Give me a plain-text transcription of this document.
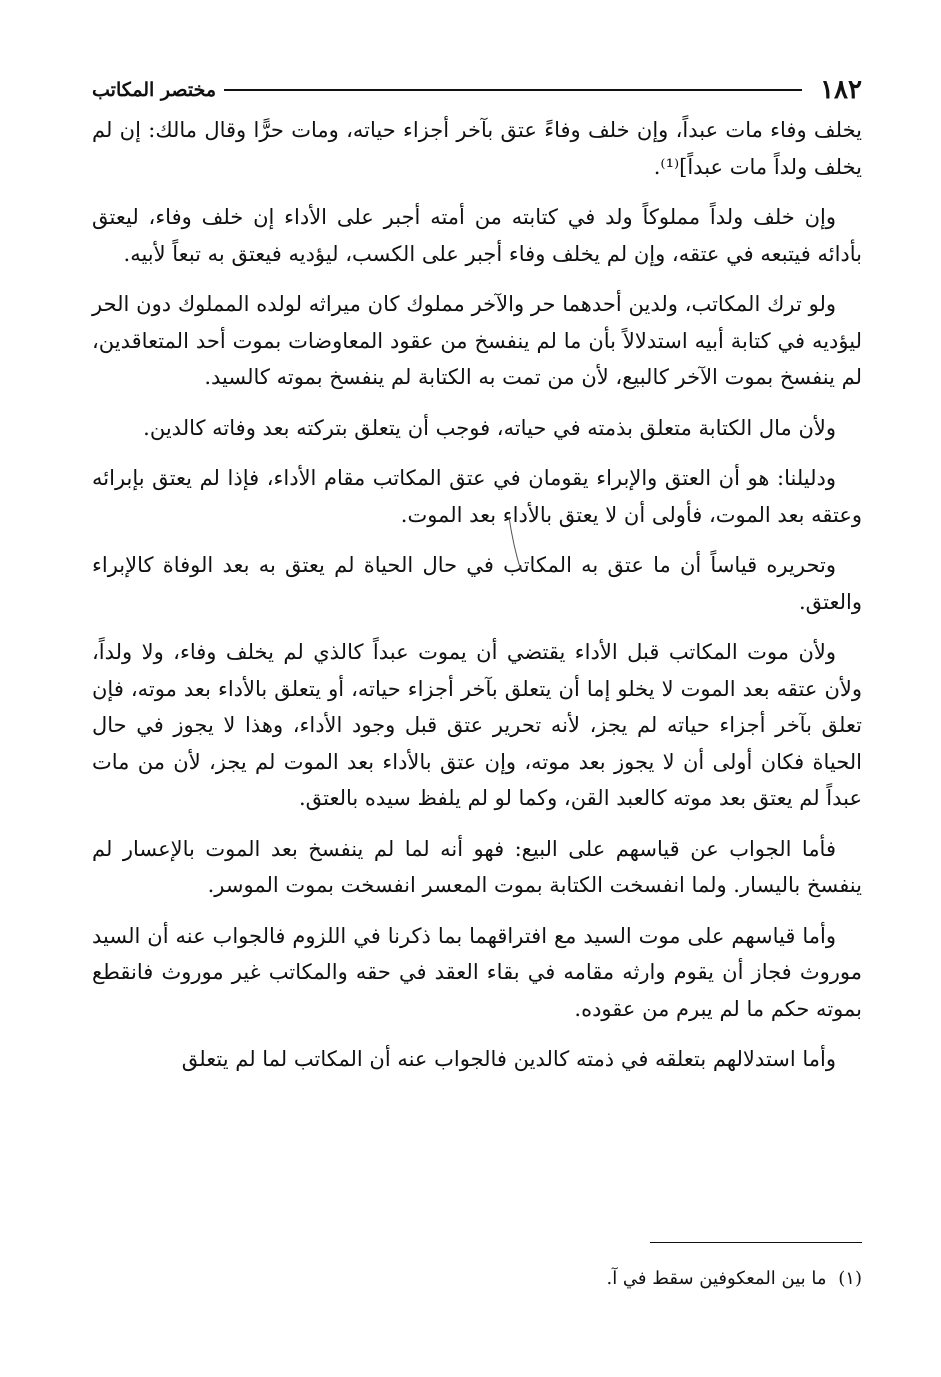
١٨٢
مختصر المكاتب

يخلف وفاء مات عبداً، وإن خلف وفاءً عتق بآخر أجزاء حياته، ومات حرًّا وقال مالك: إن لم يخلف ولداً مات عبداً]⁽¹⁾.

وإن خلف ولداً مملوكاً ولد في كتابته من أمته أجبر على الأداء إن خلف وفاء، ليعتق بأدائه فيتبعه في عتقه، وإن لم يخلف وفاء أجبر على الكسب، ليؤديه فيعتق به تبعاً لأبيه.

ولو ترك المكاتب، ولدين أحدهما حر والآخر مملوك كان ميراثه لولده المملوك دون الحر ليؤديه في كتابة أبيه استدلالاً بأن ما لم ينفسخ من عقود المعاوضات بموت أحد المتعاقدين، لم ينفسخ بموت الآخر كالبيع، لأن من تمت به الكتابة لم ينفسخ بموته كالسيد.

ولأن مال الكتابة متعلق بذمته في حياته، فوجب أن يتعلق بتركته بعد وفاته كالدين.

ودليلنا: هو أن العتق والإبراء يقومان في عتق المكاتب مقام الأداء، فإذا لم يعتق بإبرائه وعتقه بعد الموت، فأولى أن لا يعتق بالأداء بعد الموت.

وتحريره قياساً أن ما عتق به المكاتب في حال الحياة لم يعتق به بعد الوفاة كالإبراء والعتق.

ولأن موت المكاتب قبل الأداء يقتضي أن يموت عبداً كالذي لم يخلف وفاء، ولا ولداً، ولأن عتقه بعد الموت لا يخلو إما أن يتعلق بآخر أجزاء حياته، أو يتعلق بالأداء بعد موته، فإن تعلق بآخر أجزاء حياته لم يجز، لأنه تحرير عتق قبل وجود الأداء، وهذا لا يجوز في حال الحياة فكان أولى أن لا يجوز بعد موته، وإن عتق بالأداء بعد الموت لم يجز، لأن من مات عبداً لم يعتق بعد موته كالعبد القن، وكما لو لم يلفظ سيده بالعتق.

فأما الجواب عن قياسهم على البيع: فهو أنه لما لم ينفسخ بعد الموت بالإعسار لم ينفسخ باليسار. ولما انفسخت الكتابة بموت المعسر انفسخت بموت الموسر.

وأما قياسهم على موت السيد مع افتراقهما بما ذكرنا في اللزوم فالجواب عنه أن السيد موروث فجاز أن يقوم وارثه مقامه في بقاء العقد في حقه والمكاتب غير موروث فانقطع بموته حكم ما لم يبرم من عقوده.

وأما استدلالهم بتعلقه في ذمته كالدين فالجواب عنه أن المكاتب لما لم يتعلق

(١) ما بين المعكوفين سقط في آ.
